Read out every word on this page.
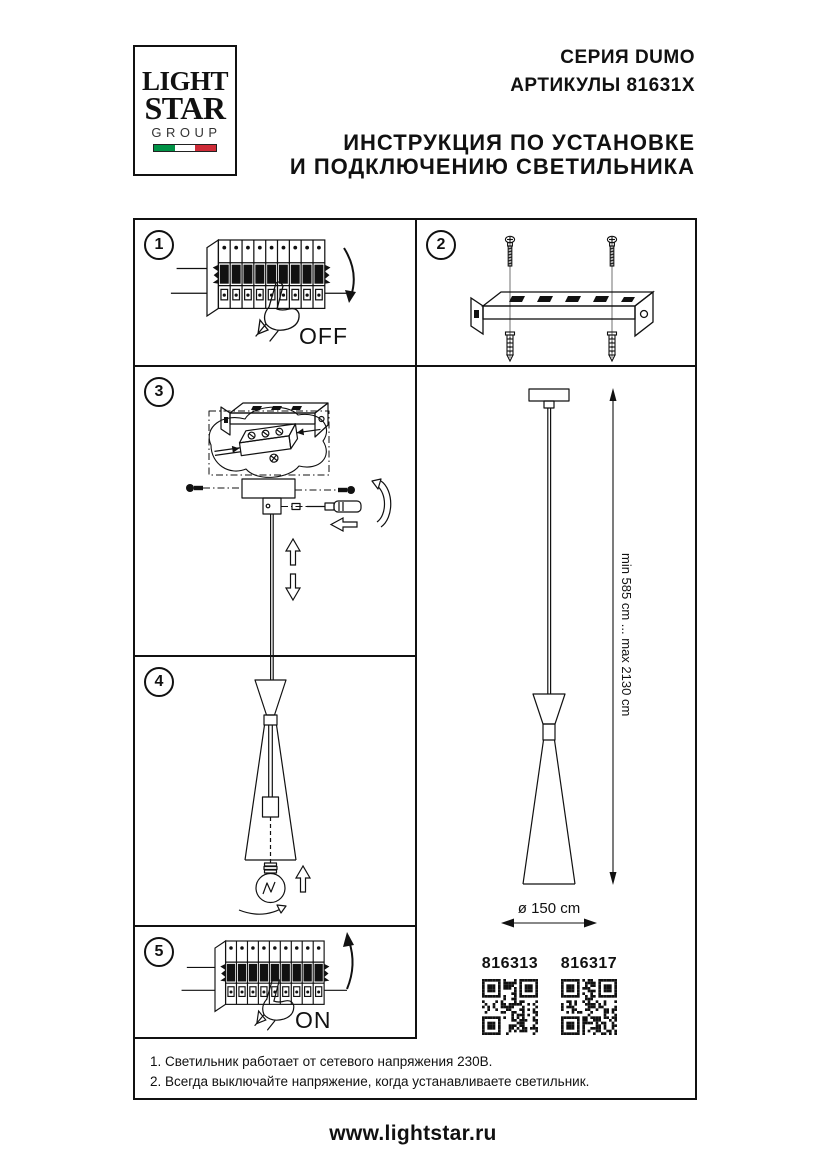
LIGHT
STAR
GROUP
СЕРИЯ DUMO
АРТИКУЛЫ 81631X
ИНСТРУКЦИЯ ПО УСТАНОВКЕ
И ПОДКЛЮЧЕНИЮ СВЕТИЛЬНИКА
1
OFF
2
3
4
5
ON
min 585 cm ... max 2130 cm
ø 150 cm
816313 816317
1. Светильник работает от сетевого напряжения 230В.
2. Всегда выключайте напряжение, когда устанавливаете светильник.
www.lightstar.ru
